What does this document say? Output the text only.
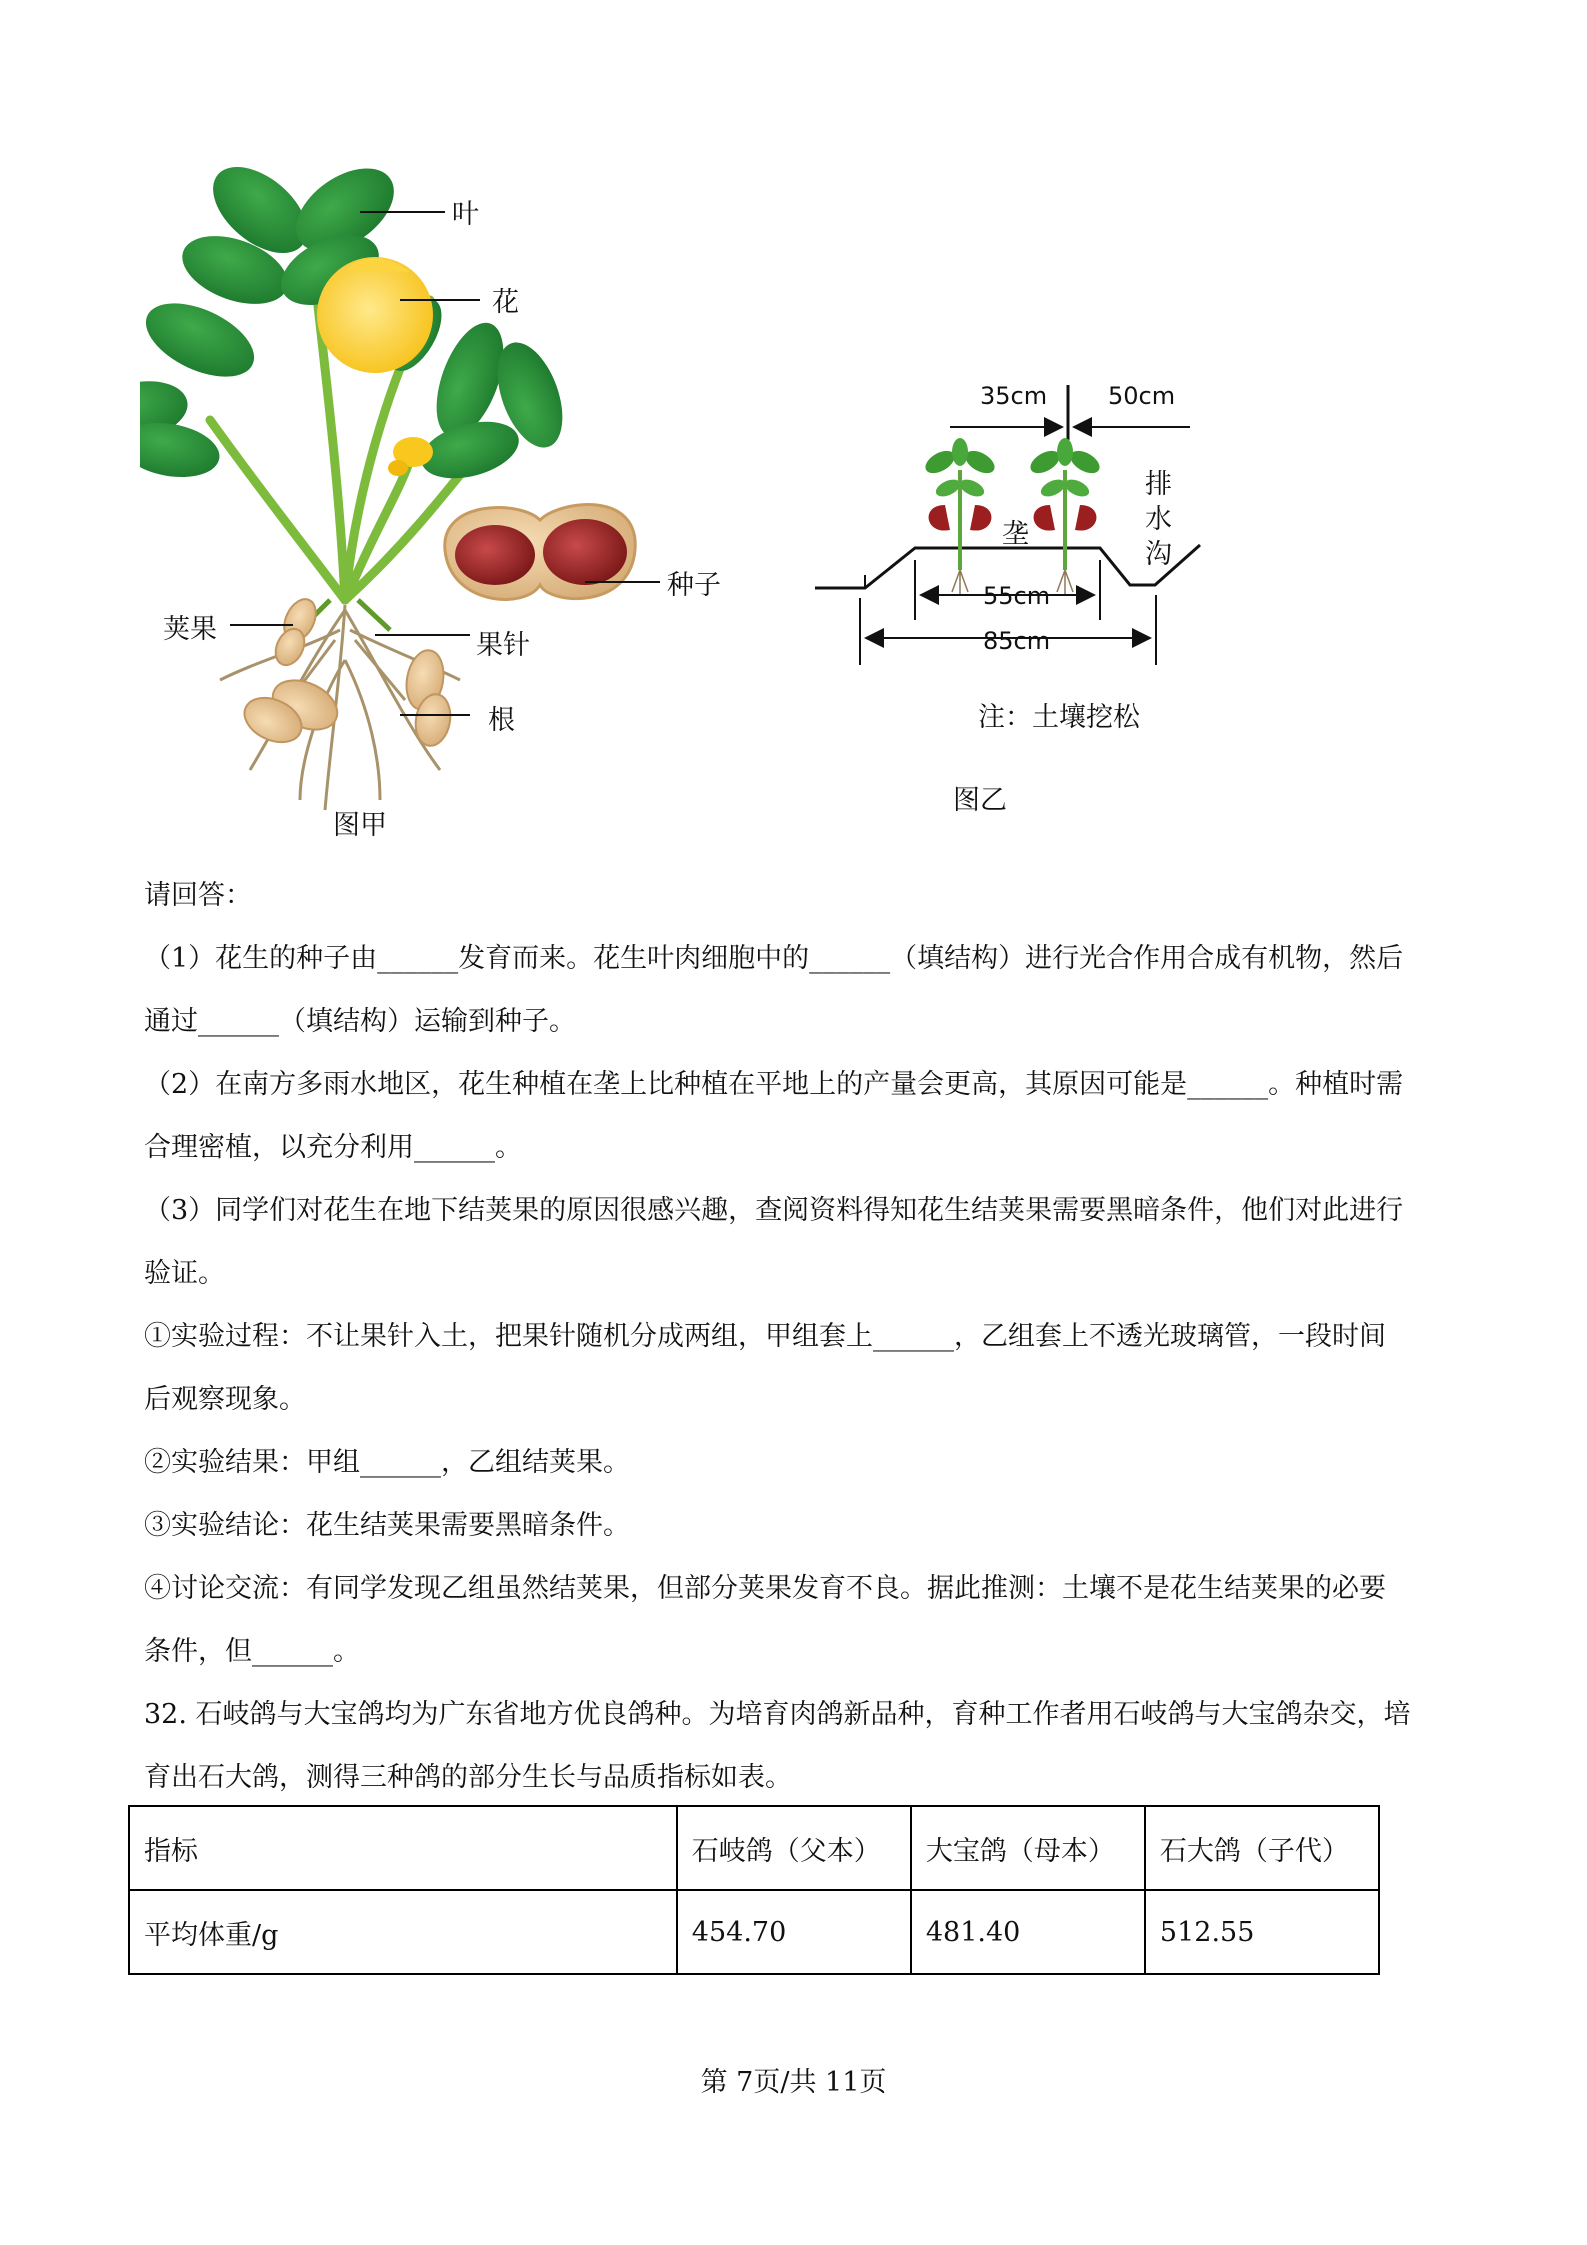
叶
花
种子
荚果
果针
根
图甲
35cm	50cm
垄
排
水
沟
55cm
85cm
注：土壤挖松
图乙
请回答：
（1）花生的种子由______发育而来。花生叶肉细胞中的______（填结构）进行光合作用合成有机物，然后
通过______（填结构）运输到种子。
（2）在南方多雨水地区，花生种植在垄上比种植在平地上的产量会更高，其原因可能是______。种植时需
合理密植，以充分利用______。
（3）同学们对花生在地下结荚果的原因很感兴趣，查阅资料得知花生结荚果需要黑暗条件，他们对此进行
验证。
①实验过程：不让果针入土，把果针随机分成两组，甲组套上______，乙组套上不透光玻璃管，一段时间
后观察现象。
②实验结果：甲组______，乙组结荚果。
③实验结论：花生结荚果需要黑暗条件。
④讨论交流：有同学发现乙组虽然结荚果，但部分荚果发育不良。据此推测：土壤不是花生结荚果的必要
条件，但______。
32. 石岐鸽与大宝鸽均为广东省地方优良鸽种。为培育肉鸽新品种，育种工作者用石岐鸽与大宝鸽杂交，培
育出石大鸽，测得三种鸽的部分生长与品质指标如表。
指标	石岐鸽（父本）	大宝鸽（母本）	石大鸽（子代）
平均体重/g	454.70	481.40	512.55
第 7页/共 11页
